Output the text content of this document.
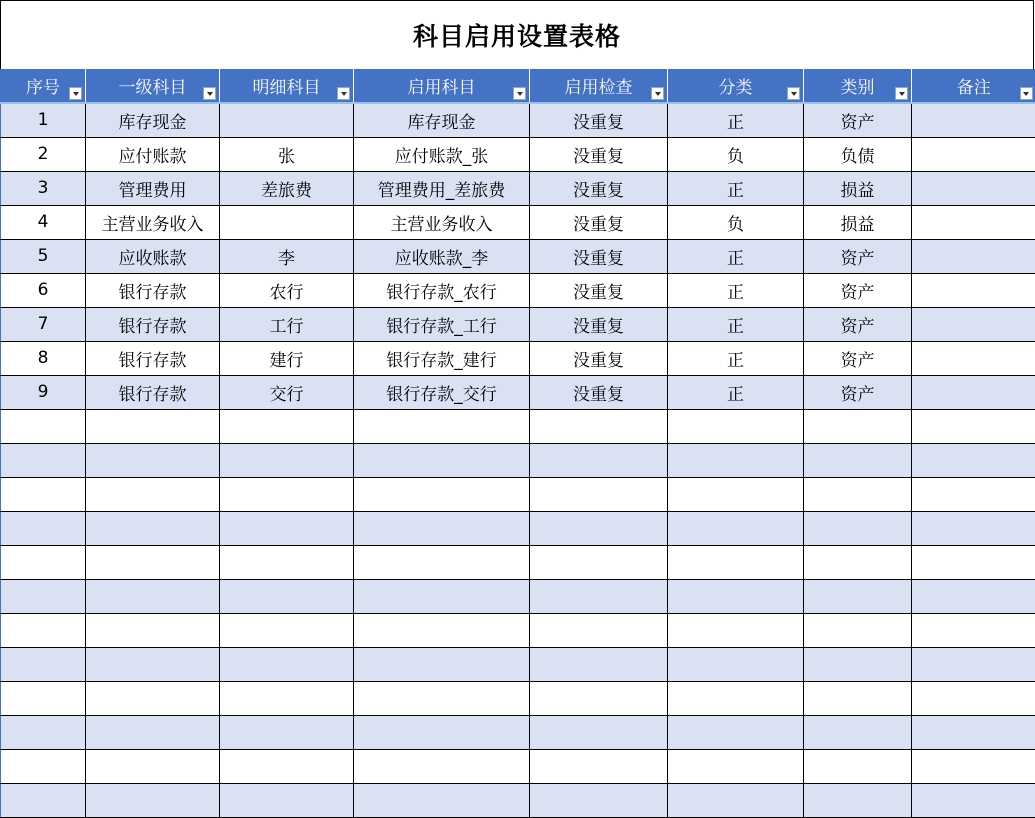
科目启用设置表格
序号	一级科目	明细科目	启用科目	启用检查	分类	类别	备注

1	库存现金		库存现金	没重复	正	资产	
2	应付账款	张	应付账款_张	没重复	负	负债	
3	管理费用	差旅费	管理费用_差旅费	没重复	正	损益	
4	主营业务收入		主营业务收入	没重复	负	损益	
5	应收账款	李	应收账款_李	没重复	正	资产	
6	银行存款	农行	银行存款_农行	没重复	正	资产	
7	银行存款	工行	银行存款_工行	没重复	正	资产	
8	银行存款	建行	银行存款_建行	没重复	正	资产	
9	银行存款	交行	银行存款_交行	没重复	正	资产	
